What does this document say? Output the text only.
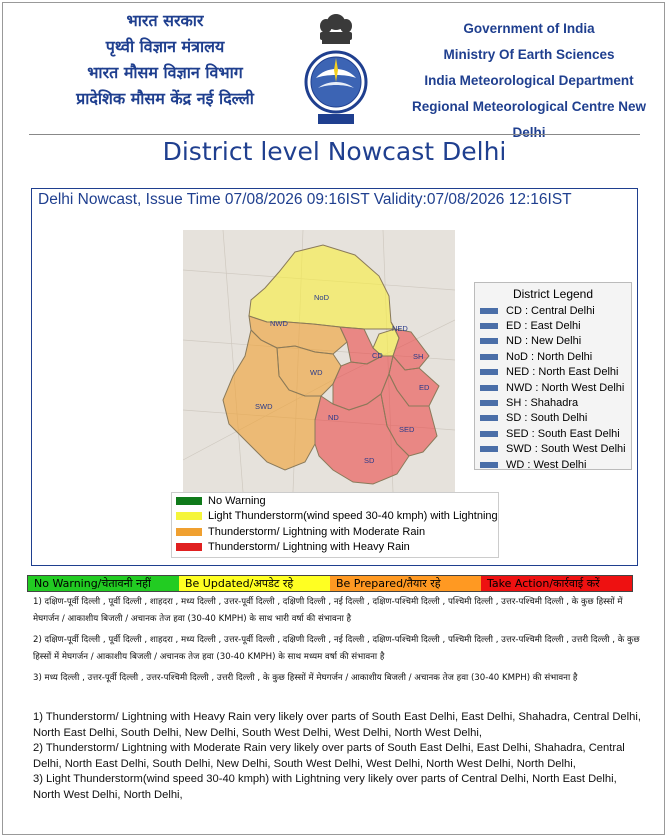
भारत सरकार
पृथ्वी विज्ञान मंत्रालय
भारत मौसम विज्ञान विभाग
प्रादेशिक मौसम केंद्र नई दिल्ली
Government of India
Ministry Of Earth Sciences
India Meteorological Department
Regional Meteorological Centre New Delhi
District level Nowcast Delhi
Delhi Nowcast, Issue Time 07/08/2026 09:16IST Validity:07/08/2026 12:16IST
NoD
NWD
NED
CD	SH
WD
ED
SWD
ND
SED
SD
District Legend
CD : Central Delhi
ED : East Delhi
ND : New Delhi
NoD : North Delhi
NED : North East Delhi
NWD : North West Delhi
SH : Shahadra
SD : South Delhi
SED : South East Delhi
SWD : South West Delhi
WD : West Delhi
No Warning
Light Thunderstorm(wind speed 30-40 kmph) with Lightning
Thunderstorm/ Lightning with Moderate Rain
Thunderstorm/ Lightning with Heavy Rain
No Warning/चेतावनी नहीं	Be Updated/अपडेट रहे	Be Prepared/तैयार रहे	Take Action/कार्रवाई करें

1) दक्षिण-पूर्वी दिल्ली , पूर्वी दिल्ली , शाहदरा , मध्य दिल्ली , उत्तर-पूर्वी दिल्ली , दक्षिणी दिल्ली , नई दिल्ली , दक्षिण-पश्चिमी दिल्ली , पश्चिमी दिल्ली , उत्तर-पश्चिमी दिल्ली , के कुछ हिस्सों में मेघगर्जन / आकाशीय बिजली / अचानक तेज हवा (30-40 KMPH) के साथ भारी वर्षा की संभावना है

2) दक्षिण-पूर्वी दिल्ली , पूर्वी दिल्ली , शाहदरा , मध्य दिल्ली , उत्तर-पूर्वी दिल्ली , दक्षिणी दिल्ली , नई दिल्ली , दक्षिण-पश्चिमी दिल्ली , पश्चिमी दिल्ली , उत्तर-पश्चिमी दिल्ली , उत्तरी दिल्ली , के कुछ हिस्सों में मेघगर्जन / आकाशीय बिजली / अचानक तेज हवा (30-40 KMPH) के साथ मध्यम वर्षा की संभावना है

3) मध्य दिल्ली , उत्तर-पूर्वी दिल्ली , उत्तर-पश्चिमी दिल्ली , उत्तरी दिल्ली , के कुछ हिस्सों में मेघगर्जन / आकाशीय बिजली / अचानक तेज हवा (30-40 KMPH) की संभावना है

1) Thunderstorm/ Lightning with Heavy Rain very likely over parts of South East Delhi, East Delhi, Shahadra, Central Delhi, North East Delhi, South Delhi, New Delhi, South West Delhi, West Delhi, North West Delhi,

2) Thunderstorm/ Lightning with Moderate Rain very likely over parts of South East Delhi, East Delhi, Shahadra, Central Delhi, North East Delhi, South Delhi, New Delhi, South West Delhi, West Delhi, North West Delhi, North Delhi,

3) Light Thunderstorm(wind speed 30-40 kmph) with Lightning very likely over parts of Central Delhi, North East Delhi, North West Delhi, North Delhi,
